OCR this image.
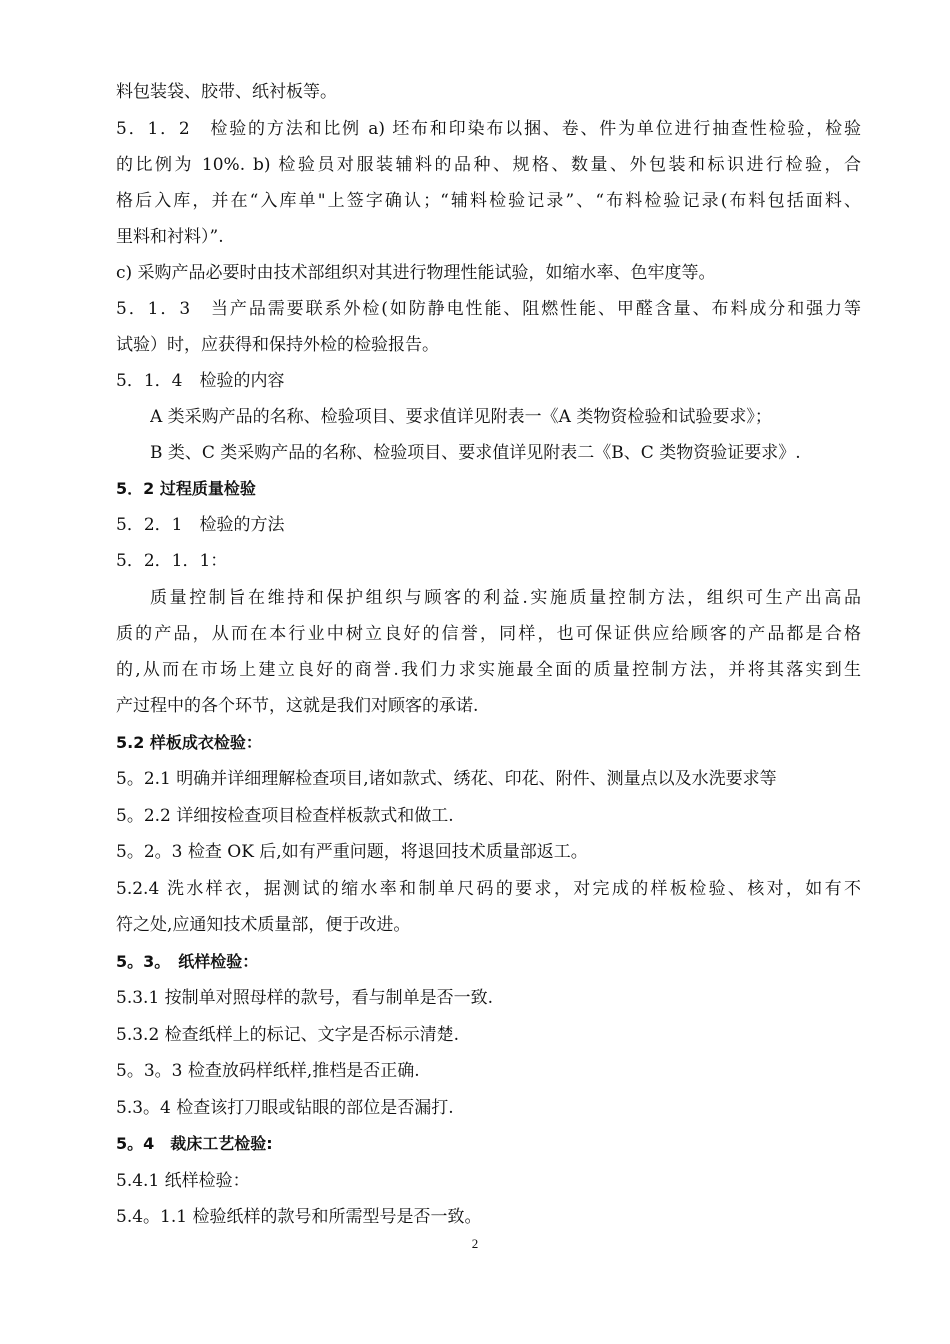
料包装袋、胶带、纸衬板等。
5．1．2　检验的方法和比例 a) 坯布和印染布以捆、卷、件为单位进行抽查性检验，检验
的比例为 10%. b) 检验员对服装辅料的品种、规格、数量、外包装和标识进行检验，合
格后入库，并在“入库单"上签字确认；“辅料检验记录”、“布料检验记录(布料包括面料、
里料和衬料）”.
c) 采购产品必要时由技术部组织对其进行物理性能试验，如缩水率、色牢度等。
5．1．3　当产品需要联系外检(如防静电性能、阻燃性能、甲醛含量、布料成分和强力等
试验）时，应获得和保持外检的检验报告。
5．1．4　检验的内容
A 类采购产品的名称、检验项目、要求值详见附表一《A 类物资检验和试验要求》；
B 类、C 类采购产品的名称、检验项目、要求值详见附表二《B、C 类物资验证要求》.
5．2 过程质量检验
5．2．1　检验的方法
5．2．1．1：
质量控制旨在维持和保护组织与顾客的利益.实施质量控制方法，组织可生产出高品
质的产品，从而在本行业中树立良好的信誉，同样，也可保证供应给顾客的产品都是合格
的,从而在市场上建立良好的商誉.我们力求实施最全面的质量控制方法，并将其落实到生
产过程中的各个环节，这就是我们对顾客的承诺.
5.2 样板成衣检验：
5。2.1 明确并详细理解检查项目,诸如款式、绣花、印花、附件、测量点以及水洗要求等
5。2.2 详细按检查项目检查样板款式和做工.
5。2。3 检查 OK 后,如有严重问题，将退回技术质量部返工。
5.2.4 洗水样衣，据测试的缩水率和制单尺码的要求，对完成的样板检验、核对，如有不
符之处,应通知技术质量部，便于改进。
5。3。　纸样检验：
5.3.1 按制单对照母样的款号，看与制单是否一致.
5.3.2 检查纸样上的标记、文字是否标示清楚.
5。3。3 检查放码样纸样,推档是否正确.
5.3。4 检查该打刀眼或钻眼的部位是否漏打.
5。4　裁床工艺检验:
5.4.1 纸样检验：
5.4。1.1 检验纸样的款号和所需型号是否一致。
2
